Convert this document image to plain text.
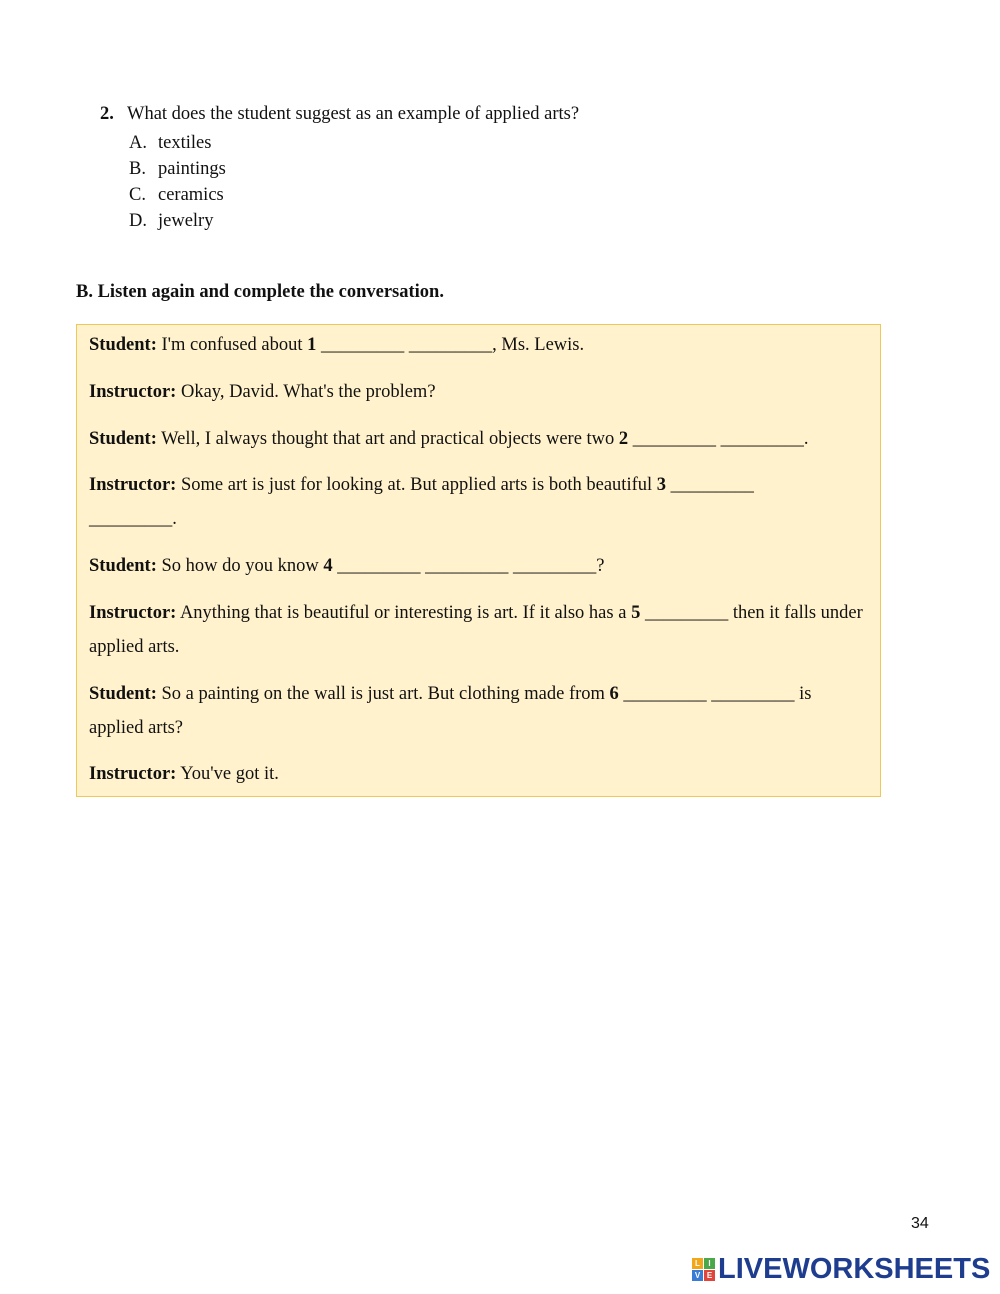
2. What does the student suggest as an example of applied arts?
A. textiles
B. paintings
C. ceramics
D. jewelry
B. Listen again and complete the conversation.
Student: I'm confused about 1 _________ _________, Ms. Lewis.
Instructor: Okay, David. What's the problem?
Student: Well, I always thought that art and practical objects were two 2 _________ _________.
Instructor: Some art is just for looking at. But applied arts is both beautiful 3 _________ _________.
Student: So how do you know 4 _________ _________ _________?
Instructor: Anything that is beautiful or interesting is art. If it also has a 5 _________ then it falls under applied arts.
Student: So a painting on the wall is just art. But clothing made from 6 _________ _________ is applied arts?
Instructor: You've got it.
34
L	I
V E LIVEWORKSHEETS
